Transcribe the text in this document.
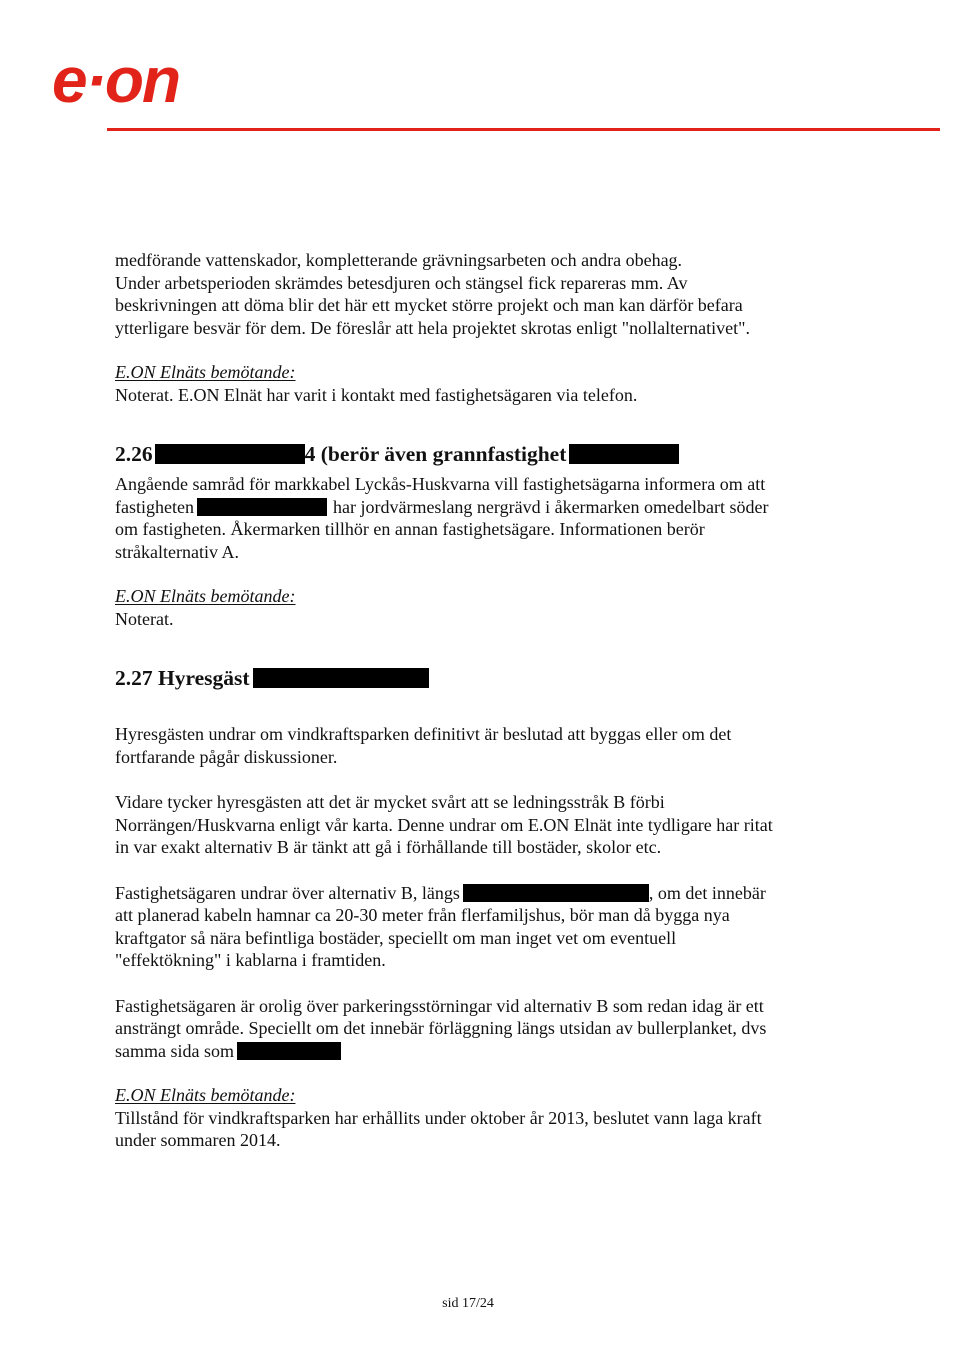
e·on

medförande vattenskador, kompletterande grävningsarbeten och andra obehag.

Under arbetsperioden skrämdes betesdjuren och stängsel fick repareras mm. Av

beskrivningen att döma blir det här ett mycket större projekt och man kan därför befara

ytterligare besvär för dem. De föreslår att hela projektet skrotas enligt "nollalternativet".

E.ON Elnäts bemötande:

Noterat. E.ON Elnät har varit i kontakt med fastighetsägaren via telefon.

2.26	4 (berör även grannfastighet

Angående samråd för markkabel Lyckås-Huskvarna vill fastighetsägarna informera om att

fastigheten	har jordvärmeslang nergrävd i åkermarken omedelbart söder

om fastigheten. Åkermarken tillhör en annan fastighetsägare. Informationen berör

stråkalternativ A.

E.ON Elnäts bemötande:

Noterat.

2.27 Hyresgäst

Hyresgästen undrar om vindkraftsparken definitivt är beslutad att byggas eller om det

fortfarande pågår diskussioner.

Vidare tycker hyresgästen att det är mycket svårt att se ledningsstråk B förbi

Norrängen/Huskvarna enligt vår karta. Denne undrar om E.ON Elnät inte tydligare har ritat

in var exakt alternativ B är tänkt att gå i förhållande till bostäder, skolor etc.

Fastighetsägaren undrar över alternativ B, längs	, om det innebär

att planerad kabeln hamnar ca 20-30 meter från flerfamiljshus, bör man då bygga nya

kraftgator så nära befintliga bostäder, speciellt om man inget vet om eventuell

"effektökning" i kablarna i framtiden.

Fastighetsägaren är orolig över parkeringsstörningar vid alternativ B som redan idag är ett

ansträngt område. Speciellt om det innebär förläggning längs utsidan av bullerplanket, dvs

samma sida som

E.ON Elnäts bemötande:

Tillstånd för vindkraftsparken har erhållits under oktober år 2013, beslutet vann laga kraft

under sommaren 2014.

sid 17/24
